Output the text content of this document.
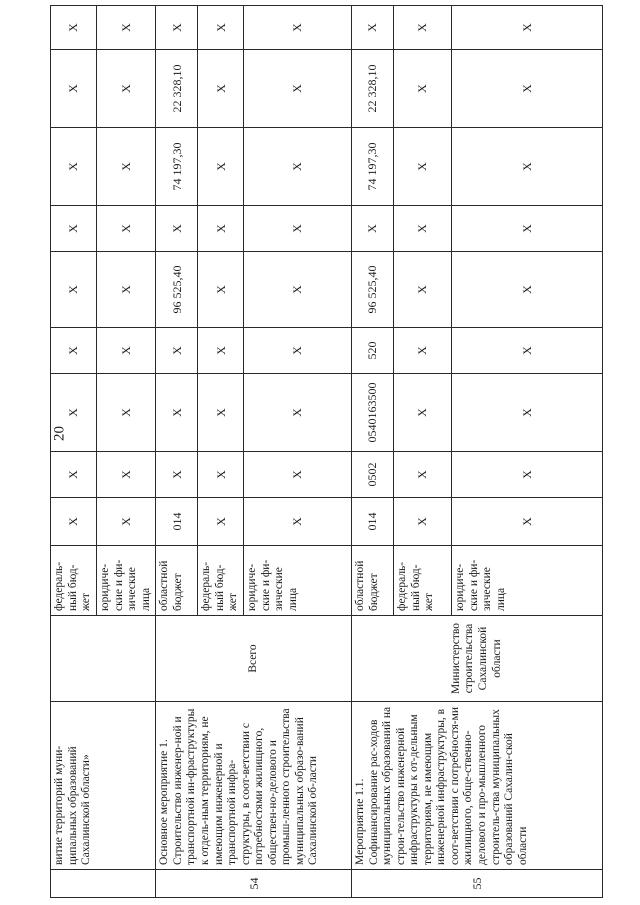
20
	витие территорий муни-ципальных образований Сахалинской области»		федераль-ный бюд-жет	X	X	X	X	X	X	X	X	X
			юридиче-ские и фи-зические лица	X	X	X	X	X	X	X	X	X
54	Основное мероприятие 1. Строительство инженер-ной и транспортной ин-фраструктуры к отдель-ным территориям, не имеющим инженерной и транспортной инфра-структуры, в соот-ветствии с потребностями жилищного, обществен-но-делового и промыш-ленного строительства муниципальных образо-ваний Сахалинской об-ласти	Всего	областной бюджет	014	X	X	X	96 525,40	X	74 197,30	22 328,10	X
			федераль-ный бюд-жет	X	X	X	X	X	X	X	X	X
			юридиче-ские и фи-зические лица	X	X	X	X	X	X	X	X	X
55	Мероприятие 1.1. Софинансирование рас-ходов муниципальных образований на строи-тельство инженерной инфраструктуры к от-дельным территориям, не имеющим инженерной инфраструктуры, в соот-ветствии с потребностя-ми жилищного, обще-ственно-делового и про-мышленного строитель-ства муниципальных образований Сахалин-ской области	Министерство строительства Сахалинской области	областной бюджет	014	0502	0540163500	520	96 525,40	X	74 197,30	22 328,10	X
			федераль-ный бюд-жет	X	X	X	X	X	X	X	X	X
			юридиче-ские и фи-зические лица	X	X	X	X	X	X	X	X	X
